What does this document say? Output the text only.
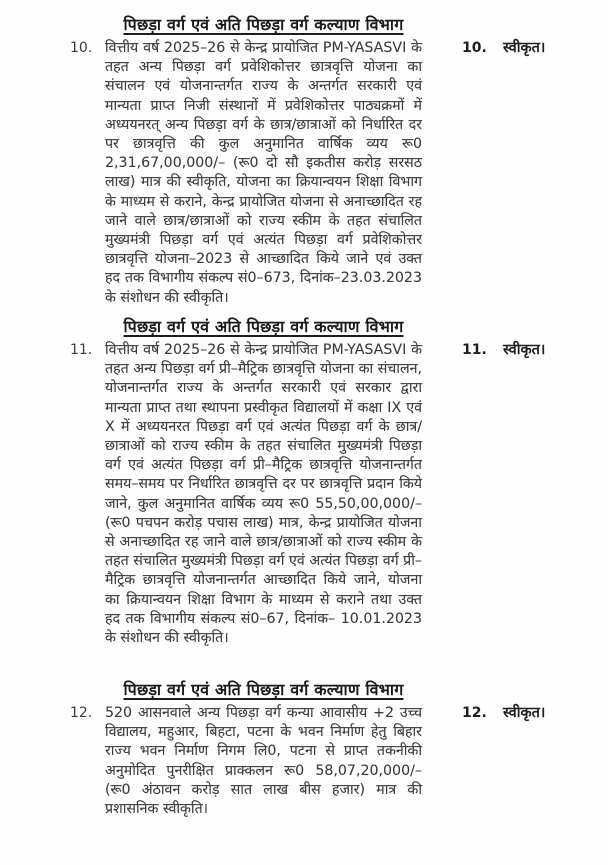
पिछड़ा वर्ग एवं अति पिछड़ा वर्ग कल्याण विभाग
10. वित्तीय वर्ष 2025–26 से केन्द्र प्रायोजित PM-YASASVI के तहत अन्य पिछड़ा वर्ग प्रवेशिकोत्तर छात्रवृत्ति योजना का संचालन एवं योजनान्तर्गत राज्य के अन्तर्गत सरकारी एवं मान्यता प्राप्त निजी संस्थानों में प्रवेशिकोत्तर पाठ्यक्रमों में अध्ययनरत् अन्य पिछड़ा वर्ग के छात्र/छात्राओं को निर्धारित दर पर छात्रवृत्ति की कुल अनुमानित वार्षिक व्यय रू0 2,31,67,00,000/– (रू0 दो सौ इकतीस करोड़ सरसठ लाख) मात्र की स्वीकृति, योजना का क्रियान्वयन शिक्षा विभाग के माध्यम से कराने, केन्द्र प्रायोजित योजना से अनाच्छादित रह जाने वाले छात्र/छात्राओं को राज्य स्कीम के तहत संचालित मुख्यमंत्री पिछड़ा वर्ग एवं अत्यंत पिछड़ा वर्ग प्रवेशिकोत्तर छात्रवृत्ति योजना–2023 से आच्छादित किये जाने एवं उक्त हद तक विभागीय संकल्प सं0–673, दिनांक–23.03.2023 के संशोधन की स्वीकृति।

10.	स्वीकृत।
पिछड़ा वर्ग एवं अति पिछड़ा वर्ग कल्याण विभाग
11. वित्तीय वर्ष 2025–26 से केन्द्र प्रायोजित PM-YASASVI के तहत अन्य पिछड़ा वर्ग प्री–मैट्रिक छात्रवृत्ति योजना का संचालन, योजनान्तर्गत राज्य के अन्तर्गत सरकारी एवं सरकार द्वारा मान्यता प्राप्त तथा स्थापना प्रस्वीकृत विद्यालयों में कक्षा IX एवं X में अध्ययनरत पिछड़ा वर्ग एवं अत्यंत पिछड़ा वर्ग के छात्र/छात्राओं को राज्य स्कीम के तहत संचालित मुख्यमंत्री पिछड़ा वर्ग एवं अत्यंत पिछड़ा वर्ग प्री–मैट्रिक छात्रवृत्ति योजनान्तर्गत समय–समय पर निर्धारित छात्रवृत्ति दर पर छात्रवृत्ति प्रदान किये जाने, कुल अनुमानित वार्षिक व्यय रू0 55,50,00,000/– (रू0 पचपन करोड़ पचास लाख) मात्र, केन्द्र प्रायोजित योजना से अनाच्छादित रह जाने वाले छात्र/छात्राओं को राज्य स्कीम के तहत संचालित मुख्यमंत्री पिछड़ा वर्ग एवं अत्यंत पिछड़ा वर्ग प्री–मैट्रिक छात्रवृत्ति योजनान्तर्गत आच्छादित किये जाने, योजना का क्रियान्वयन शिक्षा विभाग के माध्यम से कराने तथा उक्त हद तक विभागीय संकल्प सं0–67, दिनांक– 10.01.2023 के संशोधन की स्वीकृति।

11.	स्वीकृत।
पिछड़ा वर्ग एवं अति पिछड़ा वर्ग कल्याण विभाग
12. 520 आसनवाले अन्य पिछड़ा वर्ग कन्या आवासीय +2 उच्च विद्यालय, महुआर, बिहटा, पटना के भवन निर्माण हेतु बिहार राज्य भवन निर्माण निगम लि0, पटना से प्राप्त तकनीकी अनुमोदित पुनरीक्षित प्राक्कलन रू0 58,07,20,000/– (रू0 अंठावन करोड़ सात लाख बीस हजार) मात्र की प्रशासनिक स्वीकृति।

12.	स्वीकृत।
